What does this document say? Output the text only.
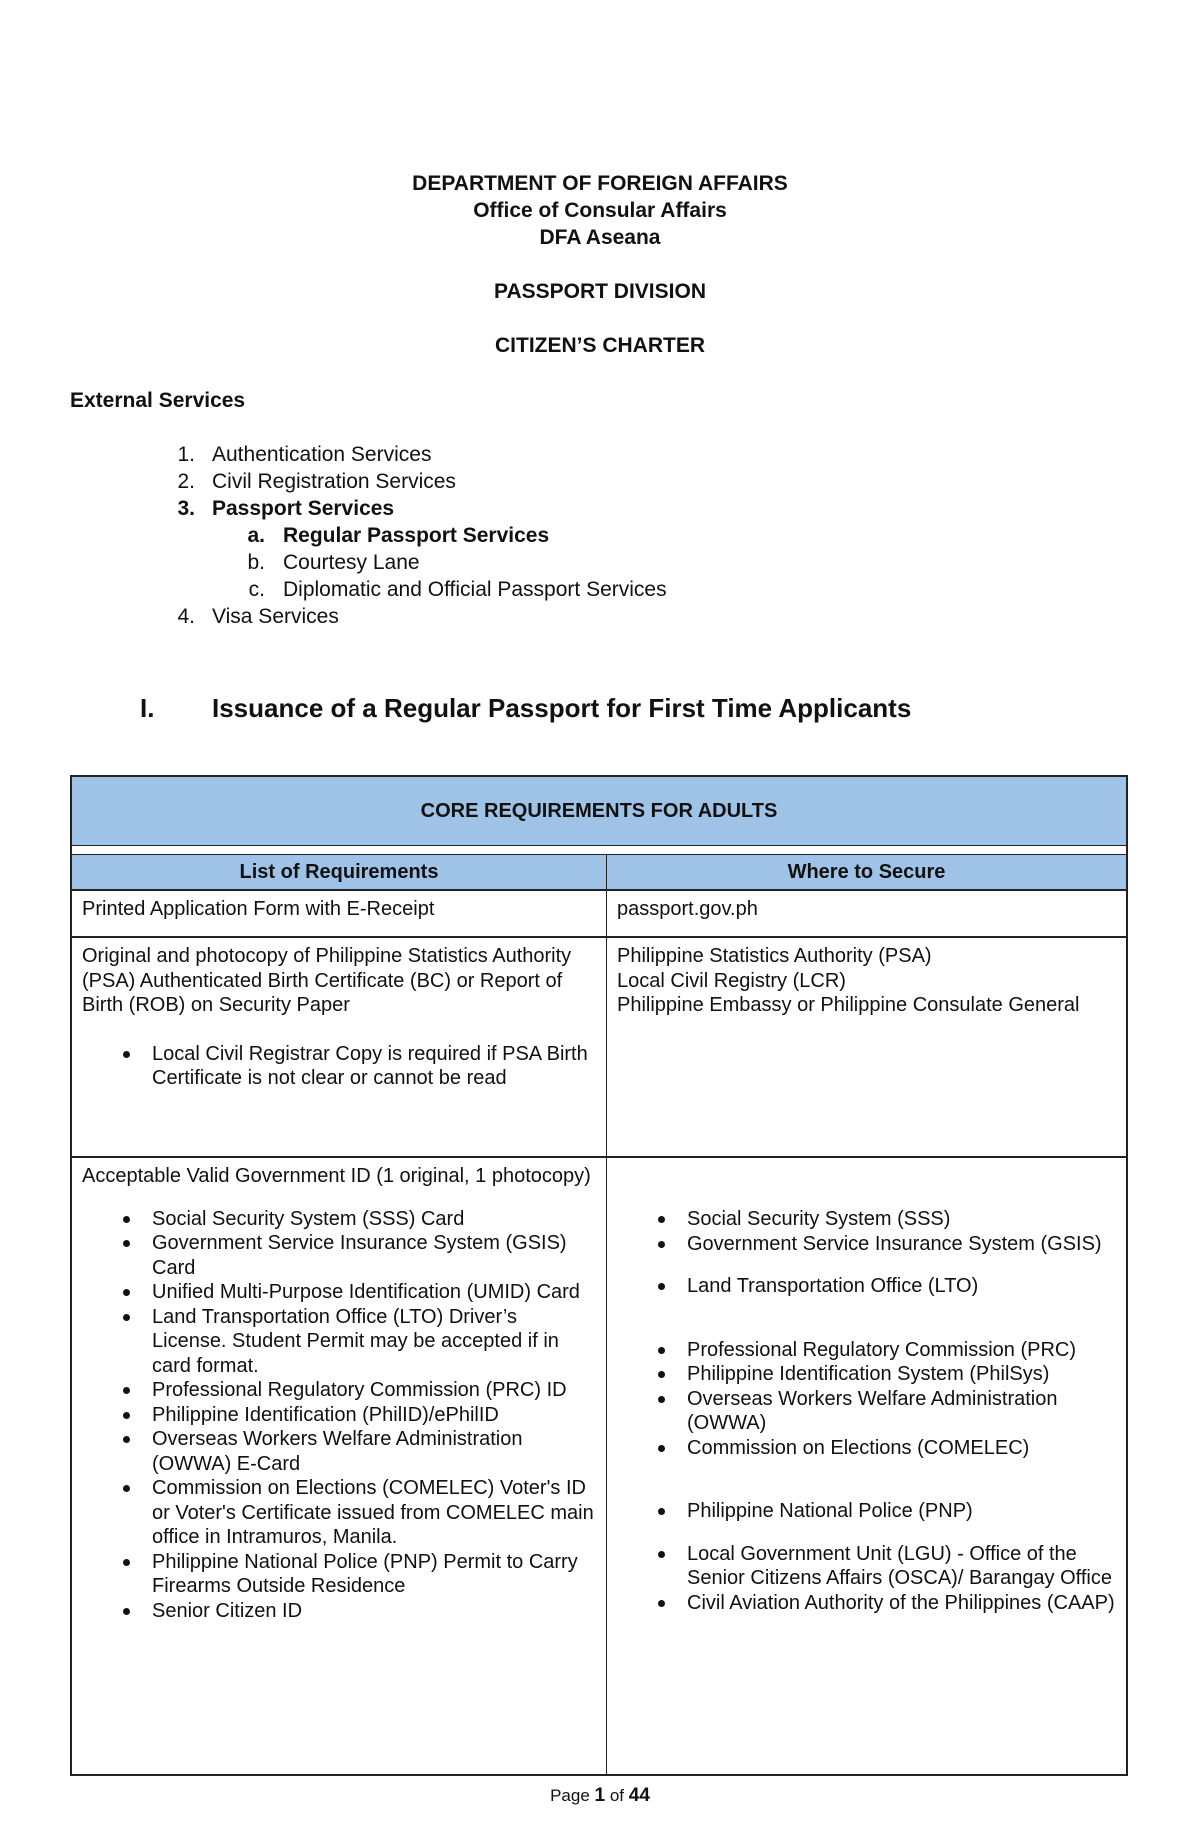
DEPARTMENT OF FOREIGN AFFAIRS
Office of Consular Affairs
DFA Aseana
PASSPORT DIVISION
CITIZEN’S CHARTER
External Services
1. Authentication Services
2. Civil Registration Services
3. Passport Services
a. Regular Passport Services
b. Courtesy Lane
c. Diplomatic and Official Passport Services
4. Visa Services
I. Issuance of a Regular Passport for First Time Applicants
CORE REQUIREMENTS FOR ADULTS
List of Requirements	Where to Secure
Printed Application Form with E-Receipt	passport.gov.ph
Original and photocopy of Philippine Statistics Authority (PSA) Authenticated Birth Certificate (BC) or Report of Birth (ROB) on Security Paper
Local Civil Registrar Copy is required if PSA Birth Certificate is not clear or cannot be read
Philippine Statistics Authority (PSA)
Local Civil Registry (LCR)
Philippine Embassy or Philippine Consulate General
Acceptable Valid Government ID (1 original, 1 photocopy)
Social Security System (SSS) Card
Government Service Insurance System (GSIS) Card
Unified Multi-Purpose Identification (UMID) Card
Land Transportation Office (LTO) Driver’s License. Student Permit may be accepted if in card format.
Professional Regulatory Commission (PRC) ID
Philippine Identification (PhilID)/ePhilID
Overseas Workers Welfare Administration (OWWA) E-Card
Commission on Elections (COMELEC) Voter's ID or Voter's Certificate issued from COMELEC main office in Intramuros, Manila.
Philippine National Police (PNP) Permit to Carry Firearms Outside Residence
Senior Citizen ID
Social Security System (SSS)
Government Service Insurance System (GSIS)
Land Transportation Office (LTO)
Professional Regulatory Commission (PRC)
Philippine Identification System (PhilSys)
Overseas Workers Welfare Administration (OWWA)
Commission on Elections (COMELEC)
Philippine National Police (PNP)
Local Government Unit (LGU) - Office of the Senior Citizens Affairs (OSCA)/ Barangay Office
Civil Aviation Authority of the Philippines (CAAP)
Page 1 of 44
